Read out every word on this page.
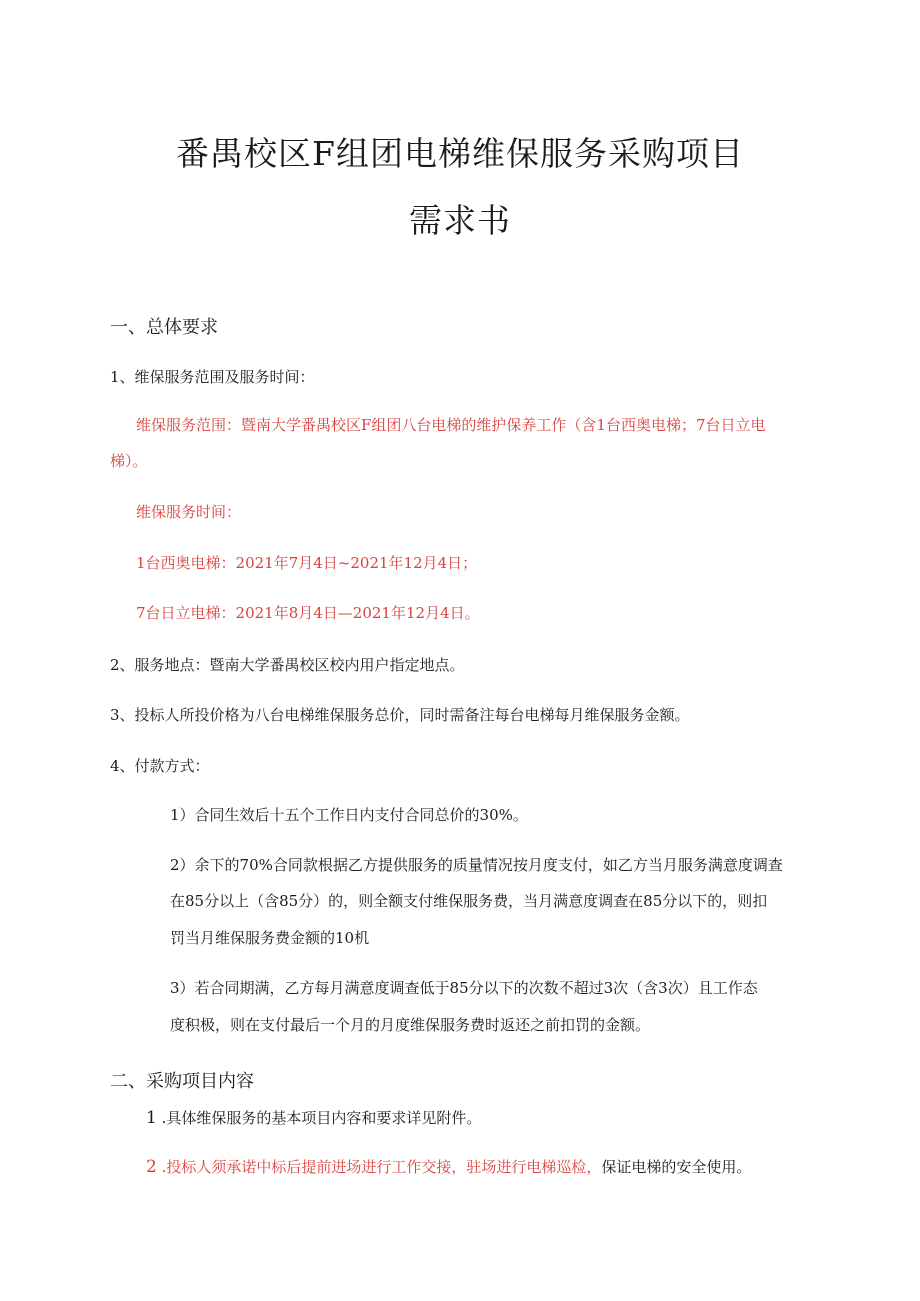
番禺校区F组团电梯维保服务采购项目
需求书
一、总体要求
1、维保服务范围及服务时间：
维保服务范围：暨南大学番禺校区F组团八台电梯的维护保养工作（含1台西奥电梯；7台日立电
梯）。
维保服务时间：
1台西奥电梯：2021年7月4日~2021年12月4日；
7台日立电梯：2021年8月4日—2021年12月4日。
2、服务地点：暨南大学番禺校区校内用户指定地点。
3、投标人所投价格为八台电梯维保服务总价，同时需备注每台电梯每月维保服务金额。
4、付款方式：
1）合同生效后十五个工作日内支付合同总价的30%。
2）余下的70%合同款根据乙方提供服务的质量情况按月度支付，如乙方当月服务满意度调查
在85分以上（含85分）的，则全额支付维保服务费，当月满意度调查在85分以下的，则扣
罚当月维保服务费金额的10机
3）若合同期满，乙方每月满意度调查低于85分以下的次数不超过3次（含3次）且工作态
度积极，则在支付最后一个月的月度维保服务费时返还之前扣罚的金额。
二、采购项目内容
1 .具体维保服务的基本项目内容和要求详见附件。
2 .投标人须承诺中标后提前进场进行工作交接，驻场进行电梯巡检，保证电梯的安全使用。
